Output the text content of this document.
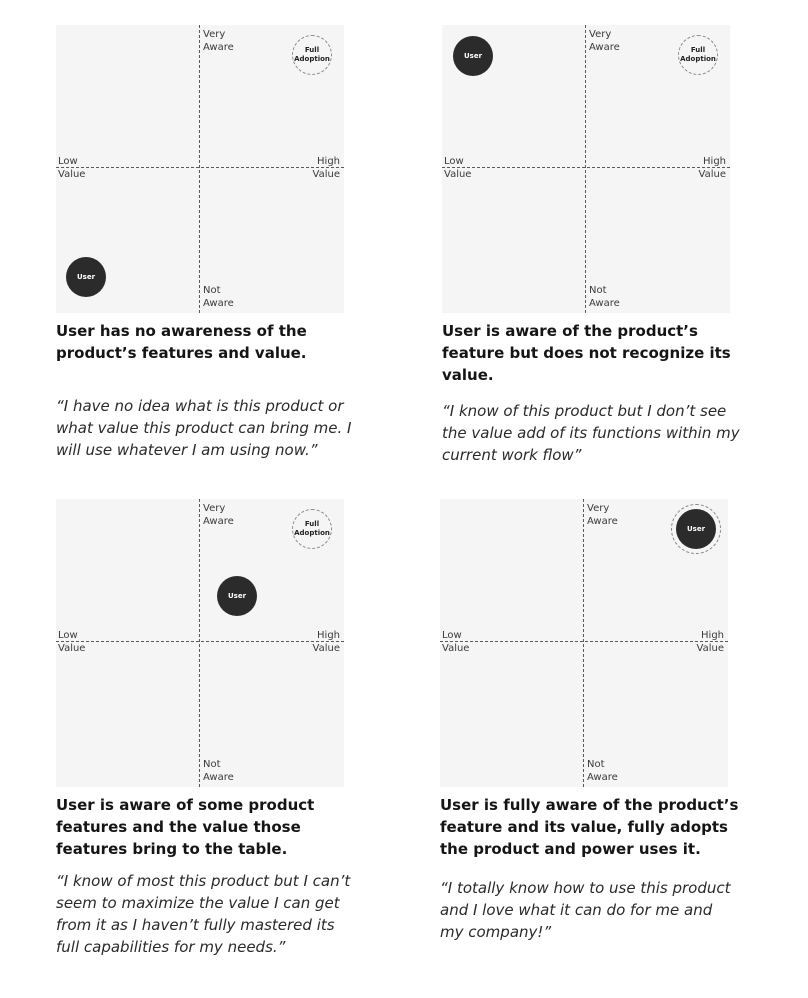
Very
Aware
Not
Aware
Low
Value
High
Value
Full
Adoption
User

User has no awareness of the product’s features and value.

“I have no idea what is this product or what value this product can bring me. I will use whatever I am using now.”

Very
Aware
Not
Aware
Low
Value
High
Value
Full
Adoption
User

User is aware of the product’s feature but does not recognize its value.

“I know of this product but I don’t see the value add of its functions within my current work flow”

Very
Aware
Not
Aware
Low
Value
High
Value
Full
Adoption
User

User is aware of some product features and the value those features bring to the table.

“I know of most this product but I can’t seem to maximize the value I can get from it as I haven’t fully mastered its full capabilities for my needs.”

Very
Aware
Not
Aware
Low
Value
High
Value
User

User is fully aware of the product’s feature and its value, fully adopts the product and power uses it.

“I totally know how to use this product and I love what it can do for me and my company!”
